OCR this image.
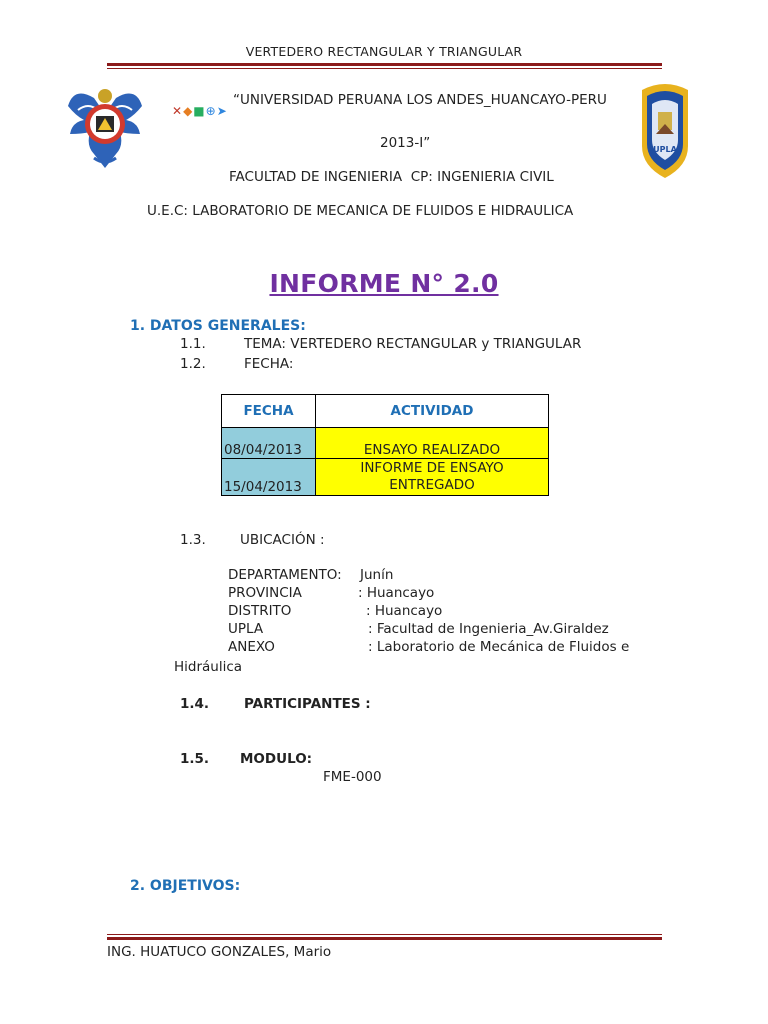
VERTEDERO RECTANGULAR Y TRIANGULAR
✕◆■⊕➤
UPLA
“UNIVERSIDAD PERUANA LOS ANDES_HUANCAYO-PERU
2013-I”
FACULTAD DE INGENIERIA  CP: INGENIERIA CIVIL
U.E.C: LABORATORIO DE MECANICA DE FLUIDOS E HIDRAULICA
INFORME N° 2.0
1. DATOS GENERALES:
1.1.	TEMA: VERTEDERO RECTANGULAR y TRIANGULAR
1.2.	FECHA:
FECHA	ACTIVIDAD
08/04/2013	ENSAYO REALIZADO
15/04/2013	INFORME DE ENSAYO
ENTREGADO
1.3.	UBICACIÓN :
DEPARTAMENTO: Junín
PROVINCIA	: Huancayo
DISTRITO	: Huancayo
UPLA	: Facultad de Ingenieria_Av.Giraldez
ANEXO	: Laboratorio de Mecánica de Fluidos e
Hidráulica
1.4.	PARTICIPANTES :
1.5. MODULO:
FME-000
2. OBJETIVOS:
ING. HUATUCO GONZALES, Mario
